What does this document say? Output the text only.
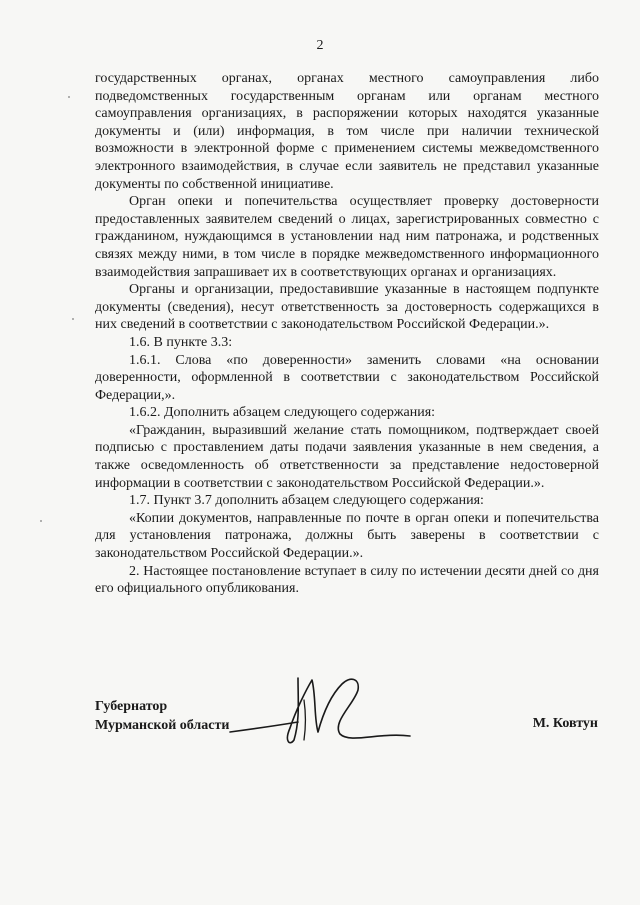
2

государственных органах, органах местного самоуправления либо подведомственных государственным органам или органам местного самоуправления организациях, в распоряжении которых находятся указанные документы и (или) информация, в том числе при наличии технической возможности в электронной форме с применением системы межведомственного электронного взаимодействия, в случае если заявитель не представил указанные документы по собственной инициативе.

Орган опеки и попечительства осуществляет проверку достоверности предоставленных заявителем сведений о лицах, зарегистрированных совместно с гражданином, нуждающимся в установлении над ним патронажа, и родственных связях между ними, в том числе в порядке межведомственного информационного взаимодействия запрашивает их в соответствующих органах и организациях.

Органы и организации, предоставившие указанные в настоящем подпункте документы (сведения), несут ответственность за достоверность содержащихся в них сведений в соответствии с законодательством Российской Федерации.».

1.6. В пункте 3.3:

1.6.1. Слова «по доверенности» заменить словами «на основании доверенности, оформленной в соответствии с законодательством Российской Федерации,».

1.6.2. Дополнить абзацем следующего содержания:

«Гражданин, выразивший желание стать помощником, подтверждает своей подписью с проставлением даты подачи заявления указанные в нем сведения, а также осведомленность об ответственности за представление недостоверной информации в соответствии с законодательством Российской Федерации.».

1.7. Пункт 3.7 дополнить абзацем следующего содержания:

«Копии документов, направленные по почте в орган опеки и попечительства для установления патронажа, должны быть заверены в соответствии с законодательством Российской Федерации.».

2. Настоящее постановление вступает в силу по истечении десяти дней со дня его официального опубликования.

Губернатор
Мурманской области	М. Ковтун
